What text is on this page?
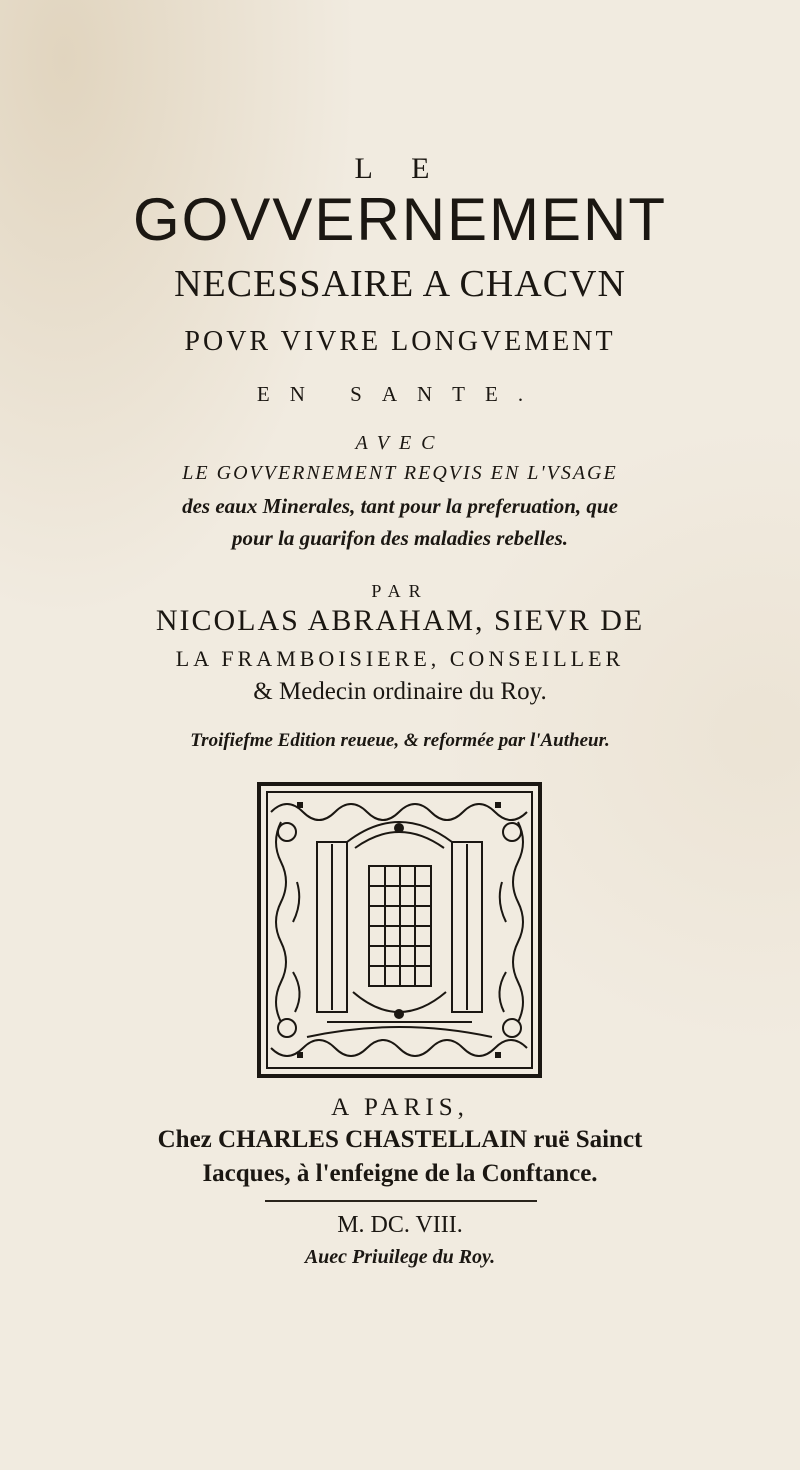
L E
GOVVERNEMENT
NECESSAIRE A CHACVN
POVR VIVRE LONGVEMENT
EN SANTE.
AVEC
LE GOVVERNEMENT REQVIS EN L'VSAGE
des eaux Minerales, tant pour la preferuation, que
pour la guarifon des maladies rebelles.
PAR
NICOLAS ABRAHAM, SIEVR DE
LA FRAMBOISIERE, CONSEILLER
& Medecin ordinaire du Roy.
Troifiefme Edition reueue, & reformée par l'Autheur.
A PARIS,
Chez CHARLES CHASTELLAIN ruë Sainct
Iacques, à l'enfeigne de la Conftance.
M. DC. VIII.
Auec Priuilege du Roy.
